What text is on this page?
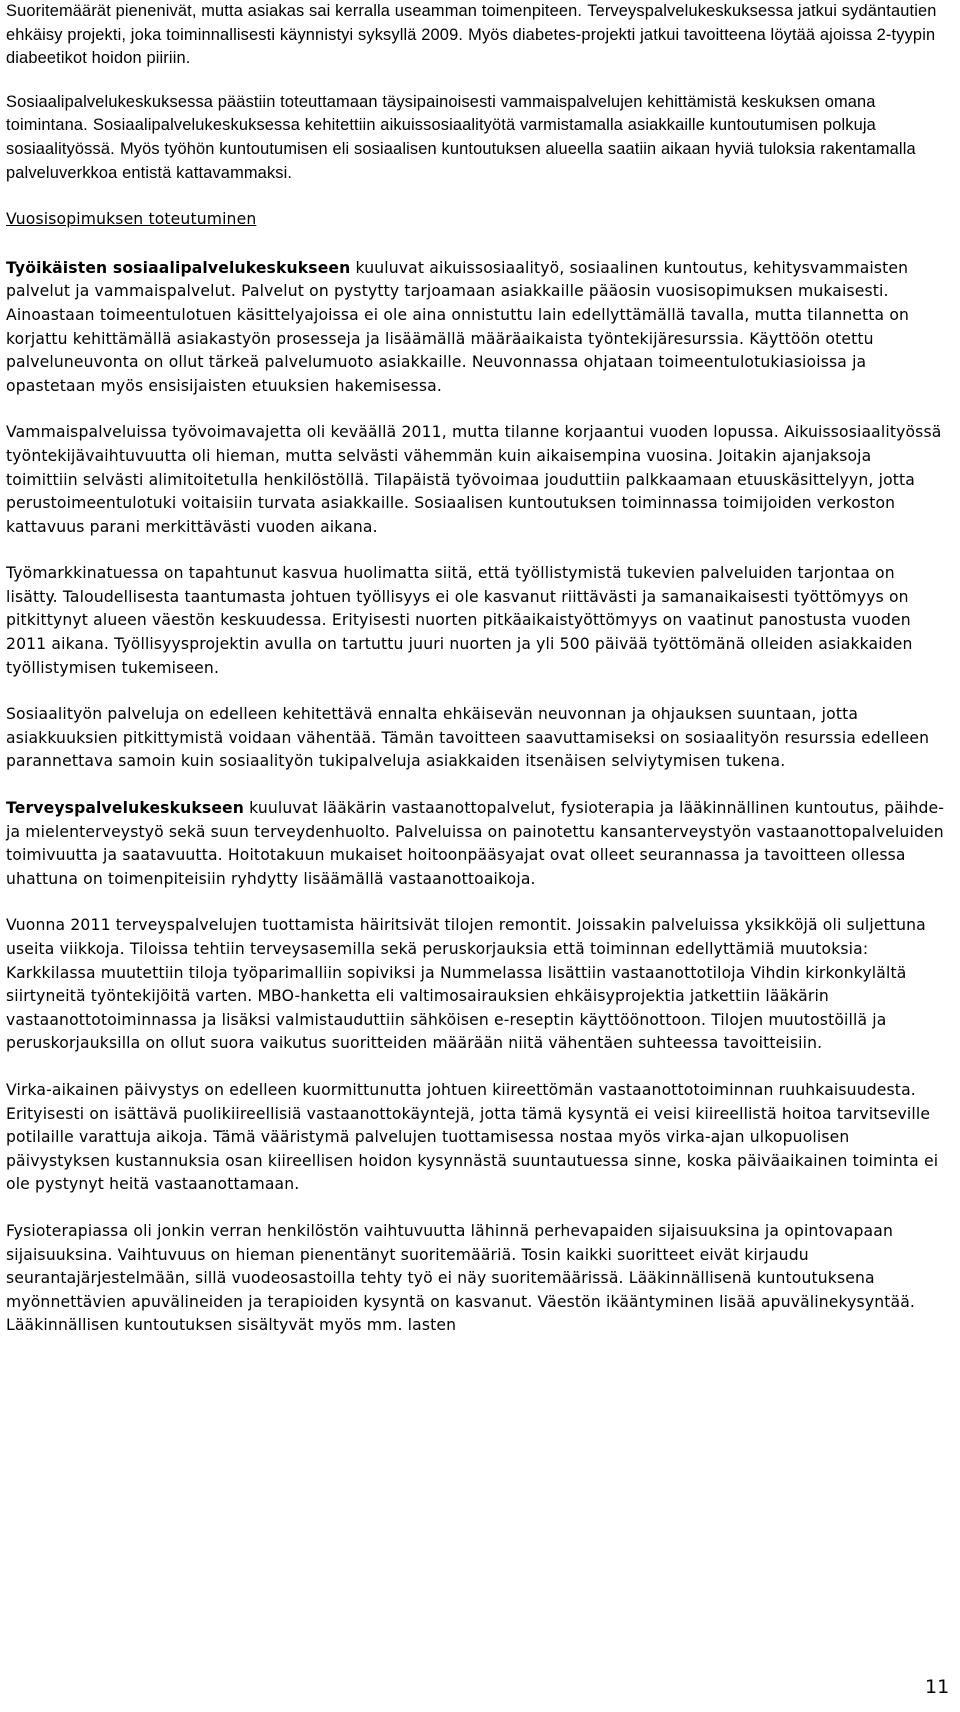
Suoritemäärät pienenivät, mutta asiakas sai kerralla useamman toimenpiteen. Terveyspalvelukeskuksessa jatkui sydäntautien ehkäisy projekti, joka toiminnallisesti käynnistyi syksyllä 2009. Myös diabetes-projekti jatkui tavoitteena löytää ajoissa 2-tyypin diabeetikot hoidon piiriin.

Sosiaalipalvelukeskuksessa päästiin toteuttamaan täysipainoisesti vammaispalvelujen kehittämistä keskuksen omana toimintana. Sosiaalipalvelukeskuksessa kehitettiin aikuissosiaalityötä varmistamalla asiakkaille kuntoutumisen polkuja sosiaalityössä. Myös työhön kuntoutumisen eli sosiaalisen kuntoutuksen alueella saatiin aikaan hyviä tuloksia rakentamalla palveluverkkoa entistä kattavammaksi.

Vuosisopimuksen toteutuminen

Työikäisten sosiaalipalvelukeskukseen kuuluvat aikuissosiaalityö, sosiaalinen kuntoutus, kehitysvammaisten palvelut ja vammaispalvelut. Palvelut on pystytty tarjoamaan asiakkaille pääosin vuosisopimuksen mukaisesti. Ainoastaan toimeentulotuen käsittelyajoissa ei ole aina onnistuttu lain edellyttämällä tavalla, mutta tilannetta on korjattu kehittämällä asiakastyön prosesseja ja lisäämällä määräaikaista työntekijäresurssia. Käyttöön otettu palveluneuvonta on ollut tärkeä palvelumuoto asiakkaille. Neuvonnassa ohjataan toimeentulotukiasioissa ja opastetaan myös ensisijaisten etuuksien hakemisessa.

Vammaispalveluissa työvoimavajetta oli keväällä 2011, mutta tilanne korjaantui vuoden lopussa. Aikuissosiaalityössä työntekijävaihtuvuutta oli hieman, mutta selvästi vähemmän kuin aikaisempina vuosina. Joitakin ajanjaksoja toimittiin selvästi alimitoitetulla henkilöstöllä. Tilapäistä työvoimaa jouduttiin palkkaamaan etuuskäsittelyyn, jotta perustoimeentulotuki voitaisiin turvata asiakkaille. Sosiaalisen kuntoutuksen toiminnassa toimijoiden verkoston kattavuus parani merkittävästi vuoden aikana.

Työmarkkinatuessa on tapahtunut kasvua huolimatta siitä, että työllistymistä tukevien palveluiden tarjontaa on lisätty. Taloudellisesta taantumasta johtuen työllisyys ei ole kasvanut riittävästi ja samanaikaisesti työttömyys on pitkittynyt alueen väestön keskuudessa. Erityisesti nuorten pitkäaikaistyöttömyys on vaatinut panostusta vuoden 2011 aikana. Työllisyysprojektin avulla on tartuttu juuri nuorten ja yli 500 päivää työttömänä olleiden asiakkaiden työllistymisen tukemiseen.

Sosiaalityön palveluja on edelleen kehitettävä ennalta ehkäisevän neuvonnan ja ohjauksen suuntaan, jotta asiakkuuksien pitkittymistä voidaan vähentää. Tämän tavoitteen saavuttamiseksi on sosiaalityön resurssia edelleen parannettava samoin kuin sosiaalityön tukipalveluja asiakkaiden itsenäisen selviytymisen tukena.

Terveyspalvelukeskukseen kuuluvat lääkärin vastaanottopalvelut, fysioterapia ja lääkinnällinen kuntoutus, päihde- ja mielenterveystyö sekä suun terveydenhuolto. Palveluissa on painotettu kansanterveystyön vastaanottopalveluiden toimivuutta ja saatavuutta. Hoitotakuun mukaiset hoitoonpääsyajat ovat olleet seurannassa ja tavoitteen ollessa uhattuna on toimenpiteisiin ryhdytty lisäämällä vastaanottoaikoja.

Vuonna 2011 terveyspalvelujen tuottamista häiritsivät tilojen remontit. Joissakin palveluissa yksikköjä oli suljettuna useita viikkoja. Tiloissa tehtiin terveysasemilla sekä peruskorjauksia että toiminnan edellyttämiä muutoksia: Karkkilassa muutettiin tiloja työparimalliin sopiviksi ja Nummelassa lisättiin vastaanottotiloja Vihdin kirkonkylältä siirtyneitä työntekijöitä varten. MBO-hanketta eli valtimosairauksien ehkäisyprojektia jatkettiin lääkärin vastaanottotoiminnassa ja lisäksi valmistauduttiin sähköisen e-reseptin käyttöönottoon. Tilojen muutostöillä ja peruskorjauksilla on ollut suora vaikutus suoritteiden määrään niitä vähentäen suhteessa tavoitteisiin.

Virka-aikainen päivystys on edelleen kuormittunutta johtuen kiireettömän vastaanottotoiminnan ruuhkaisuudesta. Erityisesti on isättävä puolikiireellisiä vastaanottokäyntejä, jotta tämä kysyntä ei veisi kiireellistä hoitoa tarvitseville potilaille varattuja aikoja. Tämä vääristymä palvelujen tuottamisessa nostaa myös virka-ajan ulkopuolisen päivystyksen kustannuksia osan kiireellisen hoidon kysynnästä suuntautuessa sinne, koska päiväaikainen toiminta ei ole pystynyt heitä vastaanottamaan.

Fysioterapiassa oli jonkin verran henkilöstön vaihtuvuutta lähinnä perhevapaiden sijaisuuksina ja opintovapaan sijaisuuksina. Vaihtuvuus on hieman pienentänyt suoritemääriä. Tosin kaikki suoritteet eivät kirjaudu seurantajärjestelmään, sillä vuodeosastoilla tehty työ ei näy suoritemäärissä. Lääkinnällisenä kuntoutuksena myönnettävien apuvälineiden ja terapioiden kysyntä on kasvanut. Väestön ikääntyminen lisää apuvälinekysyntää. Lääkinnällisen kuntoutuksen sisältyvät myös mm. lasten

11
